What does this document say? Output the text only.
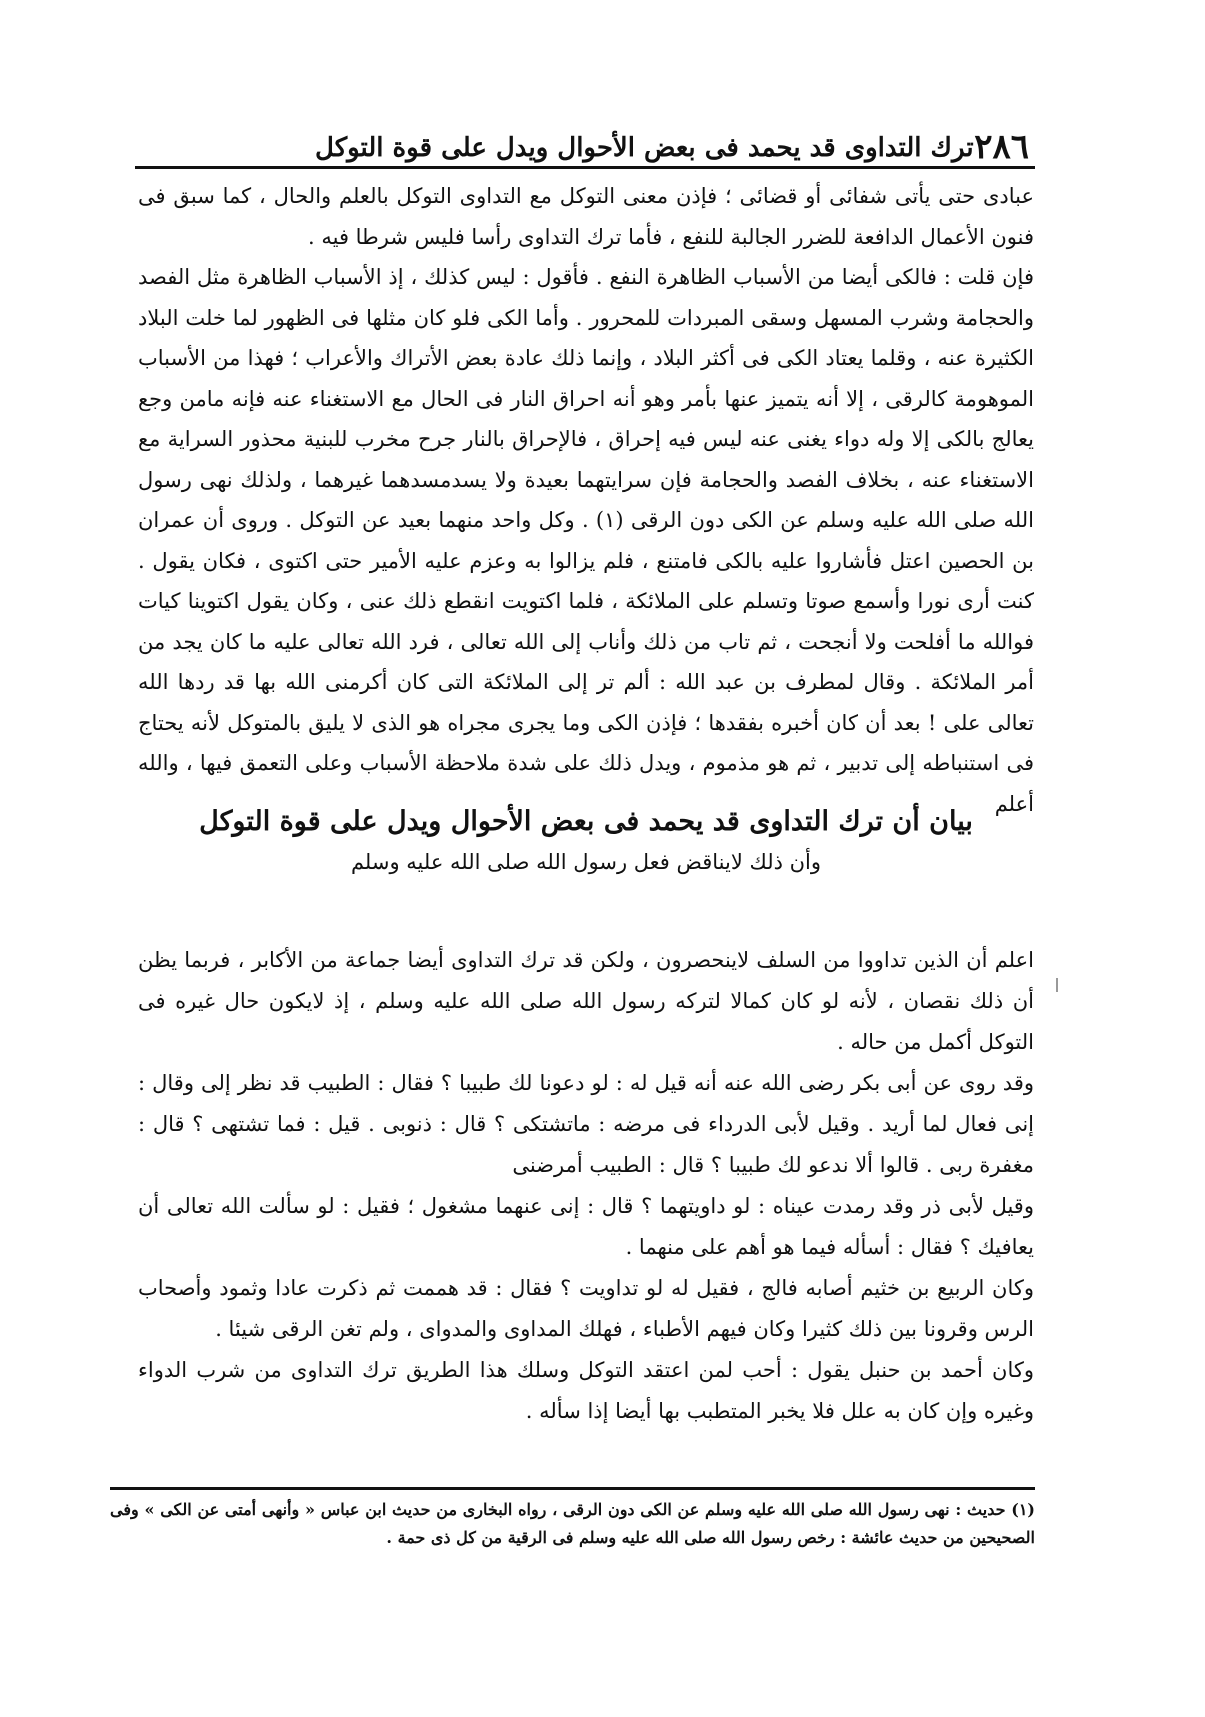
٢٨٦
ترك التداوى قد يحمد فى بعض الأحوال ويدل على قوة التوكل

عبادى حتى يأتى شفائى أو قضائى ؛ فإذن معنى التوكل مع التداوى التوكل بالعلم والحال ، كما سبق فى فنون الأعمال الدافعة للضرر الجالبة للنفع ، فأما ترك التداوى رأسا فليس شرطا فيه .

فإن قلت : فالكى أيضا من الأسباب الظاهرة النفع . فأقول : ليس كذلك ، إذ الأسباب الظاهرة مثل الفصد والحجامة وشرب المسهل وسقى المبردات للمحرور . وأما الكى فلو كان مثلها فى الظهور لما خلت البلاد الكثيرة عنه ، وقلما يعتاد الكى فى أكثر البلاد ، وإنما ذلك عادة بعض الأتراك والأعراب ؛ فهذا من الأسباب الموهومة كالرقى ، إلا أنه يتميز عنها بأمر وهو أنه احراق النار فى الحال مع الاستغناء عنه فإنه مامن وجع يعالج بالكى إلا وله دواء يغنى عنه ليس فيه إحراق ، فالإحراق بالنار جرح مخرب للبنية محذور السراية مع الاستغناء عنه ، بخلاف الفصد والحجامة فإن سرايتهما بعيدة ولا يسدمسدهما غيرهما ، ولذلك نهى رسول الله صلى الله عليه وسلم عن الكى دون الرقى (١) . وكل واحد منهما بعيد عن التوكل . وروى أن عمران بن الحصين اعتل فأشاروا عليه بالكى فامتنع ، فلم يزالوا به وعزم عليه الأمير حتى اكتوى ، فكان يقول . كنت أرى نورا وأسمع صوتا وتسلم على الملائكة ، فلما اكتويت انقطع ذلك عنى ، وكان يقول اكتوينا كيات فوالله ما أفلحت ولا أنجحت ، ثم تاب من ذلك وأناب إلى الله تعالى ، فرد الله تعالى عليه ما كان يجد من أمر الملائكة . وقال لمطرف بن عبد الله : ألم تر إلى الملائكة التى كان أكرمنى الله بها قد ردها الله تعالى على ! بعد أن كان أخبره بفقدها ؛ فإذن الكى وما يجرى مجراه هو الذى لا يليق بالمتوكل لأنه يحتاج فى استنباطه إلى تدبير ، ثم هو مذموم ، ويدل ذلك على شدة ملاحظة الأسباب وعلى التعمق فيها ، والله أعلم

بيان أن ترك التداوى قد يحمد فى بعض الأحوال ويدل على قوة التوكل
وأن ذلك لايناقض فعل رسول الله صلى الله عليه وسلم

اعلم أن الذين تداووا من السلف لاينحصرون ، ولكن قد ترك التداوى أيضا جماعة من الأكابر ، فربما يظن أن ذلك نقصان ، لأنه لو كان كمالا لتركه رسول الله صلى الله عليه وسلم ، إذ لايكون حال غيره فى التوكل أكمل من حاله .

وقد روى عن أبى بكر رضى الله عنه أنه قيل له : لو دعونا لك طبيبا ؟ فقال : الطبيب قد نظر إلى وقال : إنى فعال لما أريد . وقيل لأبى الدرداء فى مرضه : ماتشتكى ؟ قال : ذنوبى . قيل : فما تشتهى ؟ قال : مغفرة ربى . قالوا ألا ندعو لك طبيبا ؟ قال : الطبيب أمرضنى

وقيل لأبى ذر وقد رمدت عيناه : لو داويتهما ؟ قال : إنى عنهما مشغول ؛ فقيل : لو سألت الله تعالى أن يعافيك ؟ فقال : أسأله فيما هو أهم على منهما .

وكان الربيع بن خثيم أصابه فالج ، فقيل له لو تداويت ؟ فقال : قد هممت ثم ذكرت عادا وثمود وأصحاب الرس وقرونا بين ذلك كثيرا وكان فيهم الأطباء ، فهلك المداوى والمدواى ، ولم تغن الرقى شيئا .

وكان أحمد بن حنبل يقول : أحب لمن اعتقد التوكل وسلك هذا الطريق ترك التداوى من شرب الدواء وغيره وإن كان به علل فلا يخبر المتطبب بها أيضا إذا سأله .

(١) حديث : نهى رسول الله صلى الله عليه وسلم عن الكى دون الرقى ، رواه البخارى من حديث ابن عباس « وأنهى أمتى عن الكى » وفى الصحيحين من حديث عائشة : رخص رسول الله صلى الله عليه وسلم فى الرقية من كل ذى حمة .
